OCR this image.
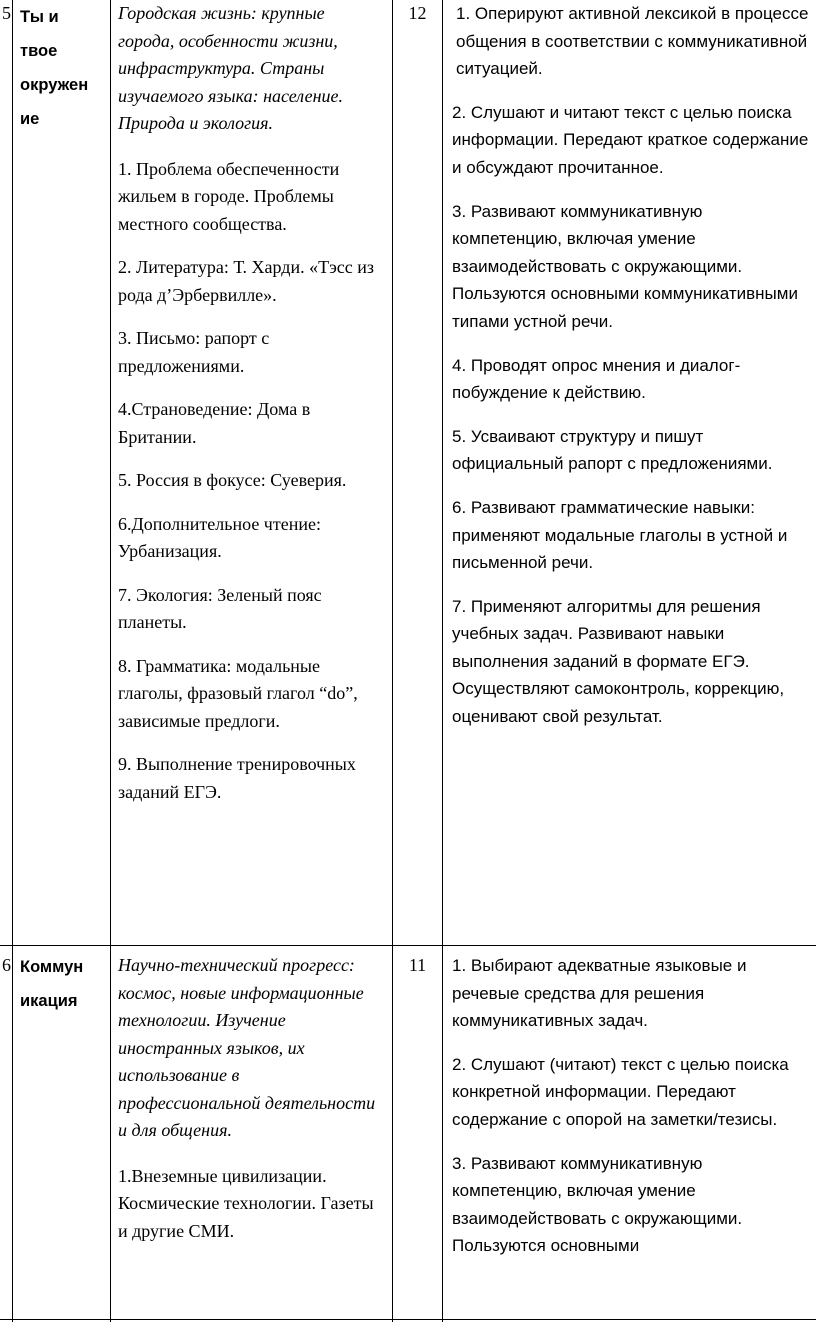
5 Ты и
твое
окружен
ие

Городская жизнь: крупные города, особенности жизни, инфраструктура. Страны изучаемого языка: население. Природа и экология.

1. Проблема обеспеченности жильем в городе. Проблемы местного сообщества.

2. Литература: Т. Харди. «Тэсс из рода д’Эрбервилле».

3. Письмо: рапорт с предложениями.

4.Страноведение: Дома в Британии.

5. Россия в фокусе: Суеверия.

6.Дополнительное чтение: Урбанизация.

7. Экология: Зеленый пояс планеты.

8. Грамматика: модальные глаголы, фразовый глагол “do”, зависимые предлоги.

9. Выполнение тренировочных заданий ЕГЭ.

12	1. Оперируют активной лексикой в процессе общения в соответствии с коммуникативной ситуацией.

2. Слушают и читают текст с целью поиска информации. Передают краткое содержание и обсуждают прочитанное.

3. Развивают коммуникативную компетенцию, включая умение взаимодействовать с окружающими. Пользуются основными коммуникативными типами устной речи.

4. Проводят опрос мнения и диалог-побуждение к действию.

5. Усваивают структуру и пишут официальный рапорт с предложениями.

6. Развивают грамматические навыки: применяют модальные глаголы в устной и письменной речи.

7. Применяют алгоритмы для решения учебных задач. Развивают навыки выполнения заданий в формате ЕГЭ. Осуществляют самоконтроль, коррекцию, оценивают свой результат.

6 Коммун
икация

Научно-технический прогресс: космос, новые информационные технологии. Изучение иностранных языков, их использование в профессиональной деятельности и для общения.

1.Внеземные цивилизации. Космические технологии. Газеты и другие СМИ.

11	1. Выбирают адекватные языковые и речевые средства для решения коммуникативных задач.

2. Слушают (читают) текст с целью поиска конкретной информации. Передают содержание с опорой на заметки/тезисы.

3. Развивают коммуникативную компетенцию, включая умение взаимодействовать с окружающими. Пользуются основными
